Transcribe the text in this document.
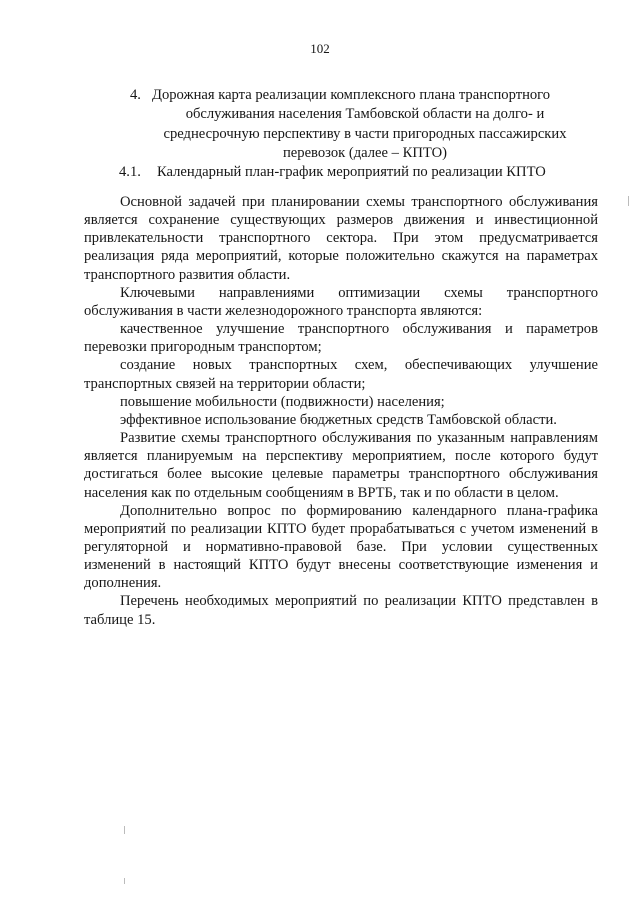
102
4. Дорожная карта реализации комплексного плана транспортного
обслуживания населения Тамбовской области на долго- и
среднесрочную перспективу в части пригородных пассажирских
перевозок (далее – КПТО)
4.1. Календарный план-график мероприятий по реализации КПТО

Основной задачей при планировании схемы транспортного обслуживания является сохранение существующих размеров движения и инвестиционной привлекательности транспортного сектора. При этом предусматривается реализация ряда мероприятий, которые положительно скажутся на параметрах транспортного развития области.

Ключевыми направлениями оптимизации схемы транспортного обслуживания в части железнодорожного транспорта являются:

качественное улучшение транспортного обслуживания и параметров перевозки пригородным транспортом;

создание новых транспортных схем, обеспечивающих улучшение транспортных связей на территории области;

повышение мобильности (подвижности) населения;

эффективное использование бюджетных средств Тамбовской области.

Развитие схемы транспортного обслуживания по указанным направлениям является планируемым на перспективу мероприятием, после которого будут достигаться более высокие целевые параметры транспортного обслуживания населения как по отдельным сообщениям в ВРТБ, так и по области в целом.

Дополнительно вопрос по формированию календарного плана-графика мероприятий по реализации КПТО будет прорабатываться с учетом изменений в регуляторной и нормативно-правовой базе. При условии существенных изменений в настоящий КПТО будут внесены соответствующие изменения и дополнения.

Перечень необходимых мероприятий по реализации КПТО представлен в таблице 15.
